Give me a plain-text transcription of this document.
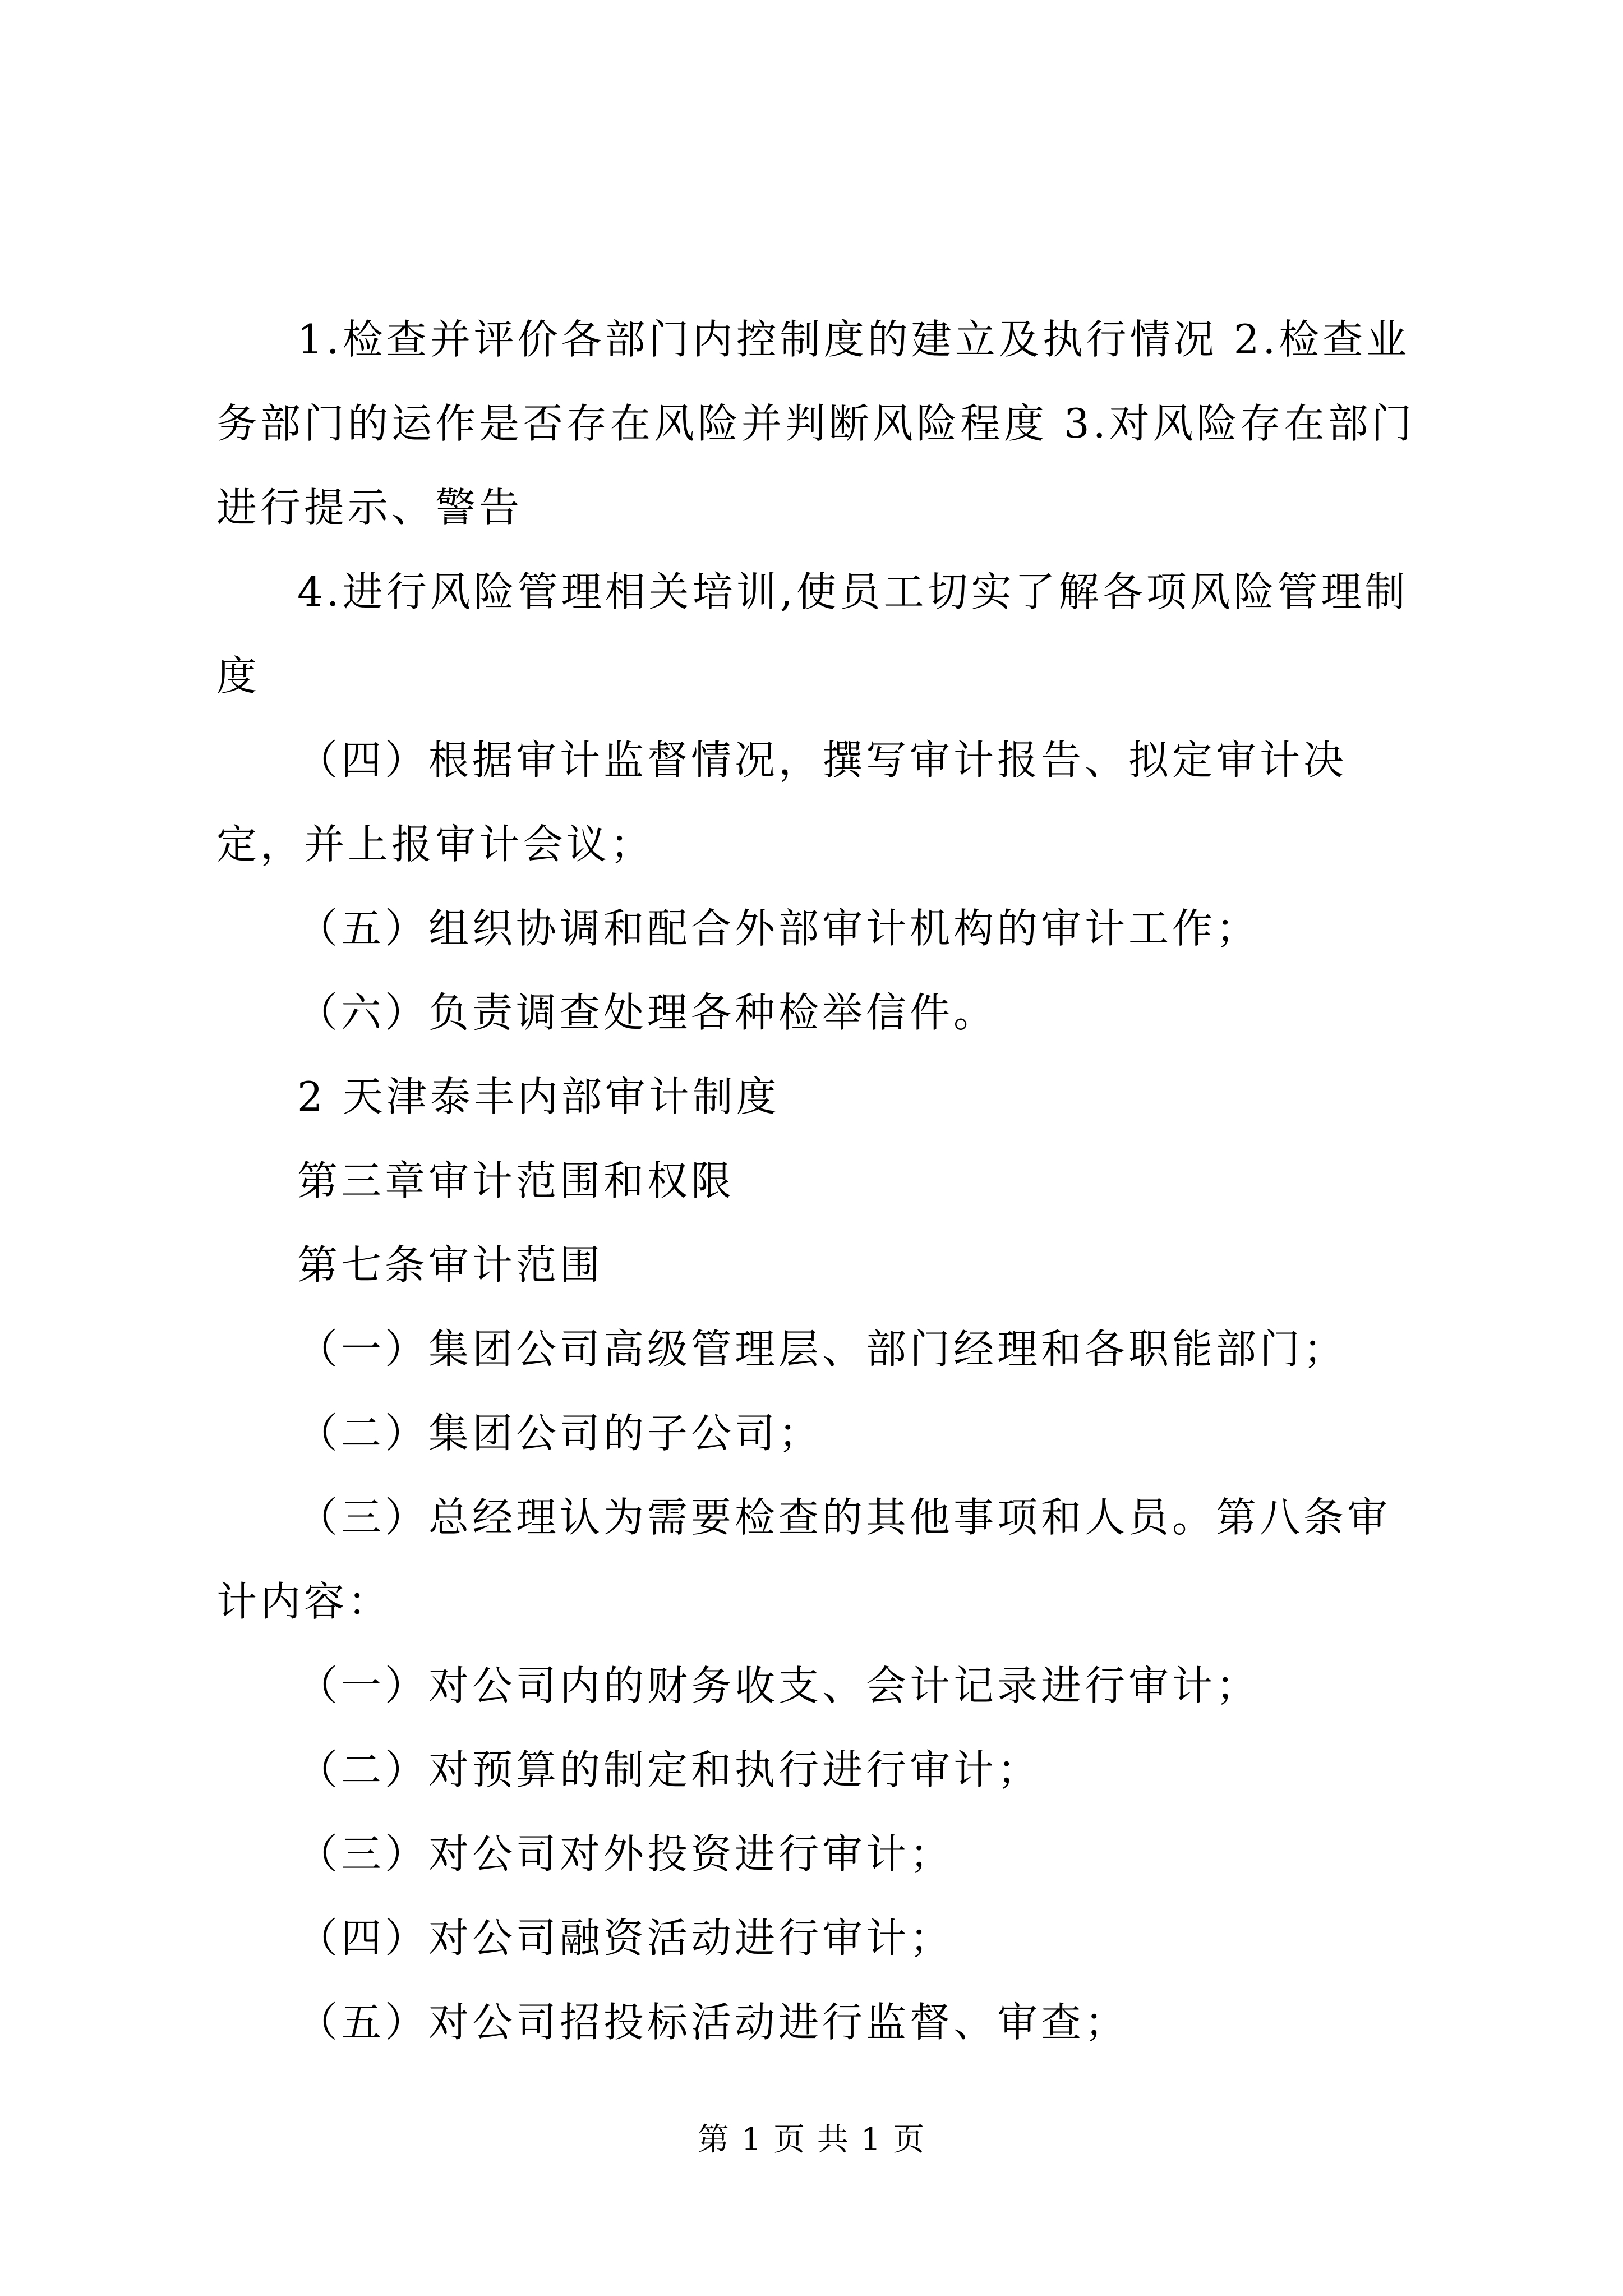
1.检查并评价各部门内控制度的建立及执行情况 2.检查业务部门的运作是否存在风险并判断风险程度 3.对风险存在部门进行提示、警告

4.进行风险管理相关培训,使员工切实了解各项风险管理制度

（四）根据审计监督情况，撰写审计报告、拟定审计决定，并上报审计会议；

（五）组织协调和配合外部审计机构的审计工作；

（六）负责调查处理各种检举信件。

2 天津泰丰内部审计制度

第三章审计范围和权限

第七条审计范围

（一）集团公司高级管理层、部门经理和各职能部门；

（二）集团公司的子公司；

（三）总经理认为需要检查的其他事项和人员。第八条审计内容：

（一）对公司内的财务收支、会计记录进行审计；

（二）对预算的制定和执行进行审计；

（三）对公司对外投资进行审计；

（四）对公司融资活动进行审计；

（五）对公司招投标活动进行监督、审查；

第 1 页 共 1 页
